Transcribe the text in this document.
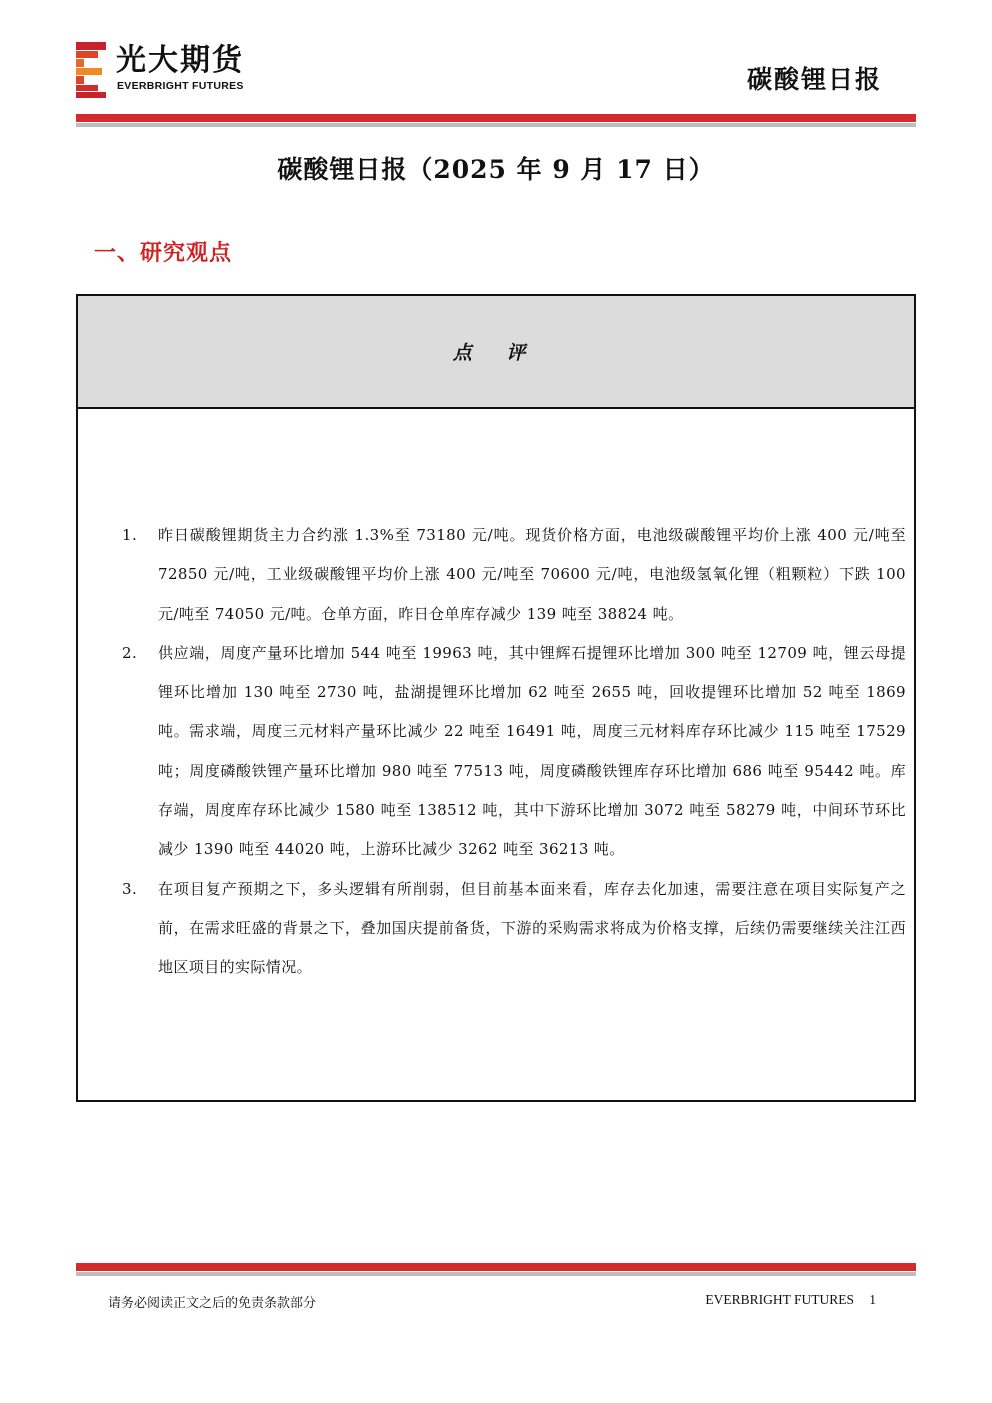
光大期货
EVERBRIGHT FUTURES	碳酸锂日报
碳酸锂日报（2025 年 9 月 17 日）
一、研究观点
点 评
1. 昨日碳酸锂期货主力合约涨 1.3%至 73180 元/吨。现货价格方面，电池级碳酸锂平均价上涨 400 元/吨至 72850 元/吨，工业级碳酸锂平均价上涨 400 元/吨至 70600 元/吨，电池级氢氧化锂（粗颗粒）下跌 100 元/吨至 74050 元/吨。仓单方面，昨日仓单库存减少 139 吨至 38824 吨。
2. 供应端，周度产量环比增加 544 吨至 19963 吨，其中锂辉石提锂环比增加 300 吨至 12709 吨，锂云母提锂环比增加 130 吨至 2730 吨，盐湖提锂环比增加 62 吨至 2655 吨，回收提锂环比增加 52 吨至 1869 吨。需求端，周度三元材料产量环比减少 22 吨至 16491 吨，周度三元材料库存环比减少 115 吨至 17529 吨；周度磷酸铁锂产量环比增加 980 吨至 77513 吨，周度磷酸铁锂库存环比增加 686 吨至 95442 吨。库存端，周度库存环比减少 1580 吨至 138512 吨，其中下游环比增加 3072 吨至 58279 吨，中间环节环比减少 1390 吨至 44020 吨，上游环比减少 3262 吨至 36213 吨。
3. 在项目复产预期之下，多头逻辑有所削弱，但目前基本面来看，库存去化加速，需要注意在项目实际复产之前，在需求旺盛的背景之下，叠加国庆提前备货，下游的采购需求将成为价格支撑，后续仍需要继续关注江西地区项目的实际情况。
请务必阅读正文之后的免责条款部分	EVERBRIGHT FUTURES 1
